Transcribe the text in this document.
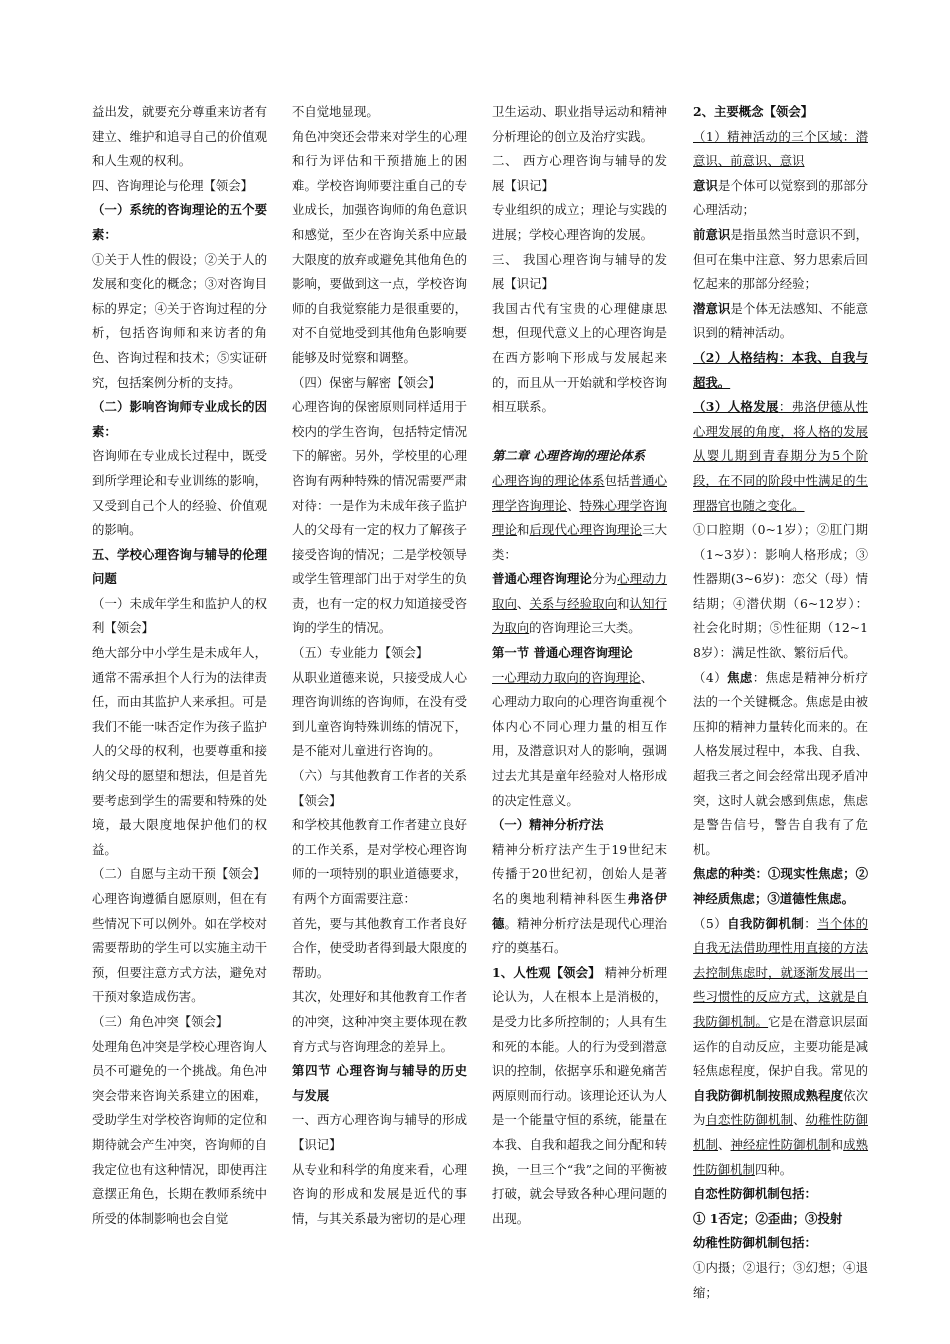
益出发，就要充分尊重来访者有建立、维护和追寻自己的价值观和人生观的权利。

四、咨询理论与伦理【领会】

（一）系统的咨询理论的五个要素：

①关于人性的假设；②关于人的发展和变化的概念；③对咨询目标的界定；④关于咨询过程的分析，包括咨询师和来访者的角色、咨询过程和技术；⑤实证研究，包括案例分析的支持。

（二）影响咨询师专业成长的因素：

咨询师在专业成长过程中，既受到所学理论和专业训练的影响，又受到自己个人的经验、价值观的影响。

五、学校心理咨询与辅导的伦理问题

（一）未成年学生和监护人的权利【领会】

绝大部分中小学生是未成年人，通常不需承担个人行为的法律责任，而由其监护人来承担。可是我们不能一味否定作为孩子监护人的父母的权利，也要尊重和接纳父母的愿望和想法，但是首先要考虑到学生的需要和特殊的处境，最大限度地保护他们的权益。

（二）自愿与主动干预【领会】

心理咨询遵循自愿原则，但在有些情况下可以例外。如在学校对需要帮助的学生可以实施主动干预，但要注意方式方法，避免对干预对象造成伤害。

（三）角色冲突【领会】

处理角色冲突是学校心理咨询人员不可避免的一个挑战。角色冲突会带来咨询关系建立的困难，受助学生对学校咨询师的定位和期待就会产生冲突，咨询师的自我定位也有这种情况，即使再注意摆正角色，长期在教师系统中所受的体制影响也会自觉

不自觉地显现。

角色冲突还会带来对学生的心理和行为评估和干预措施上的困难。学校咨询师要注重自己的专业成长，加强咨询师的角色意识和感觉，至少在咨询关系中应最大限度的放弃或避免其他角色的影响，要做到这一点，学校咨询师的自我觉察能力是很重要的，对不自觉地受到其他角色影响要能够及时觉察和调整。

（四）保密与解密【领会】

心理咨询的保密原则同样适用于校内的学生咨询，包括特定情况下的解密。另外，学校里的心理咨询有两种特殊的情况需要严肃对待：一是作为未成年孩子监护人的父母有一定的权力了解孩子接受咨询的情况；二是学校领导或学生管理部门出于对学生的负责，也有一定的权力知道接受咨询的学生的情况。

（五）专业能力【领会】

从职业道德来说，只接受成人心理咨询训练的咨询师，在没有受到儿童咨询特殊训练的情况下，是不能对儿童进行咨询的。

（六）与其他教育工作者的关系【领会】

和学校其他教育工作者建立良好的工作关系，是对学校心理咨询师的一项特别的职业道德要求，有两个方面需要注意：

首先，要与其他教育工作者良好合作，使受助者得到最大限度的帮助。

其次，处理好和其他教育工作者的冲突，这种冲突主要体现在教育方式与咨询理念的差异上。

第四节 心理咨询与辅导的历史与发展

一、西方心理咨询与辅导的形成【识记】

从专业和科学的角度来看，心理咨询的形成和发展是近代的事情，与其关系最为密切的是心理

卫生运动、职业指导运动和精神分析理论的创立及治疗实践。

二、 西方心理咨询与辅导的发展【识记】

专业组织的成立；理论与实践的进展；学校心理咨询的发展。

三、 我国心理咨询与辅导的发展【识记】

我国古代有宝贵的心理健康思想，但现代意义上的心理咨询是在西方影响下形成与发展起来的，而且从一开始就和学校咨询相互联系。

第二章 心理咨询的理论体系

心理咨询的理论体系包括普通心理学咨询理论、特殊心理学咨询理论和后现代心理咨询理论三大类：

普通心理咨询理论分为心理动力取向、关系与经验取向和认知行为取向的咨询理论三大类。

第一节 普通心理咨询理论

一心理动力取向的咨询理论、

心理动力取向的心理咨询重视个体内心不同心理力量的相互作用，及潜意识对人的影响，强调过去尤其是童年经验对人格形成的决定性意义。

（一）精神分析疗法

精神分析疗法产生于19世纪末传播于20世纪初，创始人是著名的奥地利精神科医生弗洛伊德。精神分析疗法是现代心理治疗的奠基石。

1、人性观【领会】 精神分析理论认为，人在根本上是消极的，是受力比多所控制的；人具有生和死的本能。人的行为受到潜意识的控制，依据享乐和避免痛苦两原则而行动。该理论还认为人是一个能量守恒的系统，能量在本我、自我和超我之间分配和转换，一旦三个“我”之间的平衡被打破，就会导致各种心理问题的出现。

2、主要概念【领会】

（1）精神活动的三个区域：潜意识、前意识、意识

意识是个体可以觉察到的那部分心理活动；

前意识是指虽然当时意识不到，但可在集中注意、努力思索后回忆起来的那部分经验；

潜意识是个体无法感知、不能意识到的精神活动。

（2）人格结构：本我、自我与超我。

（3）人格发展：弗洛伊德从性心理发展的角度，将人格的发展从婴儿期到青春期分为5个阶段，在不同的阶段中性满足的生理器官也随之变化。

①口腔期（0~1岁）；②肛门期（1~3岁）：影响人格形成；③性器期(3~6岁)：恋父（母）情结期；④潜伏期（6~12岁）：社会化时期；⑤性征期（12~18岁）：满足性欲、繁衍后代。

（4）焦虑：焦虑是精神分析疗法的一个关键概念。焦虑是由被压抑的精神力量转化而来的。在人格发展过程中，本我、自我、超我三者之间会经常出现矛盾冲突，这时人就会感到焦虑，焦虑是警告信号，警告自我有了危机。

焦虑的种类：①现实性焦虑；②神经质焦虑；③道德性焦虑。

（5）自我防御机制：当个体的自我无法借助理性用直接的方法去控制焦虑时，就逐渐发展出一些习惯性的反应方式，这就是自我防御机制。它是在潜意识层面运作的自动反应，主要功能是减轻焦虑程度，保护自我。常见的自我防御机制按照成熟程度依次为自恋性防御机制、幼稚性防御机制、神经症性防御机制和成熟性防御机制四种。

自恋性防御机制包括：

① 1否定；②歪曲；③投射

幼稚性防御机制包括：

①内摄；②退行；③幻想；④退缩；
